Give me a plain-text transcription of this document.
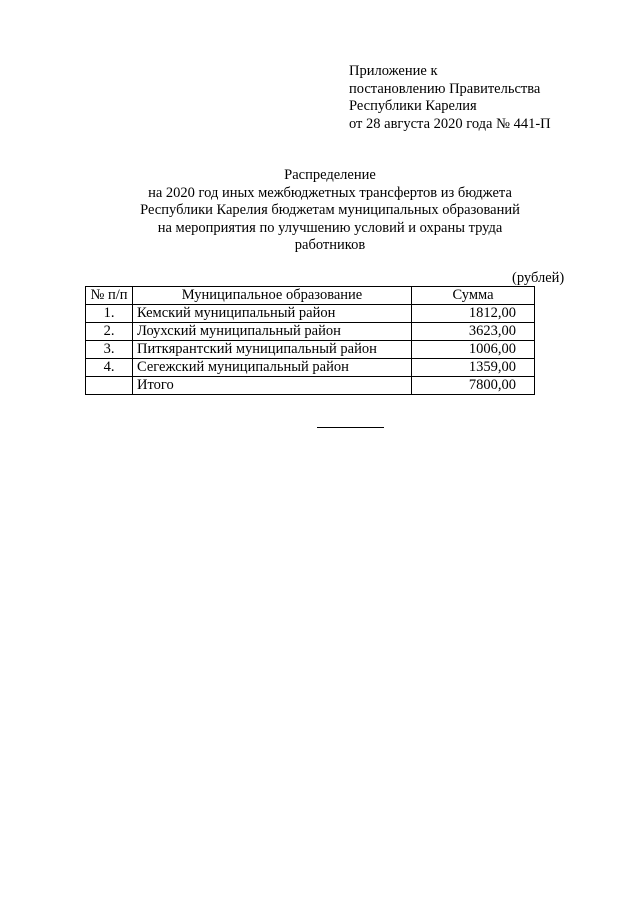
Приложение к
постановлению Правительства
Республики Карелия
от 28 августа 2020 года № 441-П
Распределение
на 2020 год иных межбюджетных трансфертов из бюджета
Республики Карелия бюджетам муниципальных образований
на мероприятия по улучшению условий и охраны труда
работников
(рублей)
№ п/п	Муниципальное образование	Сумма
1.	Кемский муниципальный район	1812,00
2.	Лоухский муниципальный район	3623,00
3.	Питкярантский муниципальный район	1006,00
4.	Сегежский муниципальный район	1359,00
	Итого	7800,00
